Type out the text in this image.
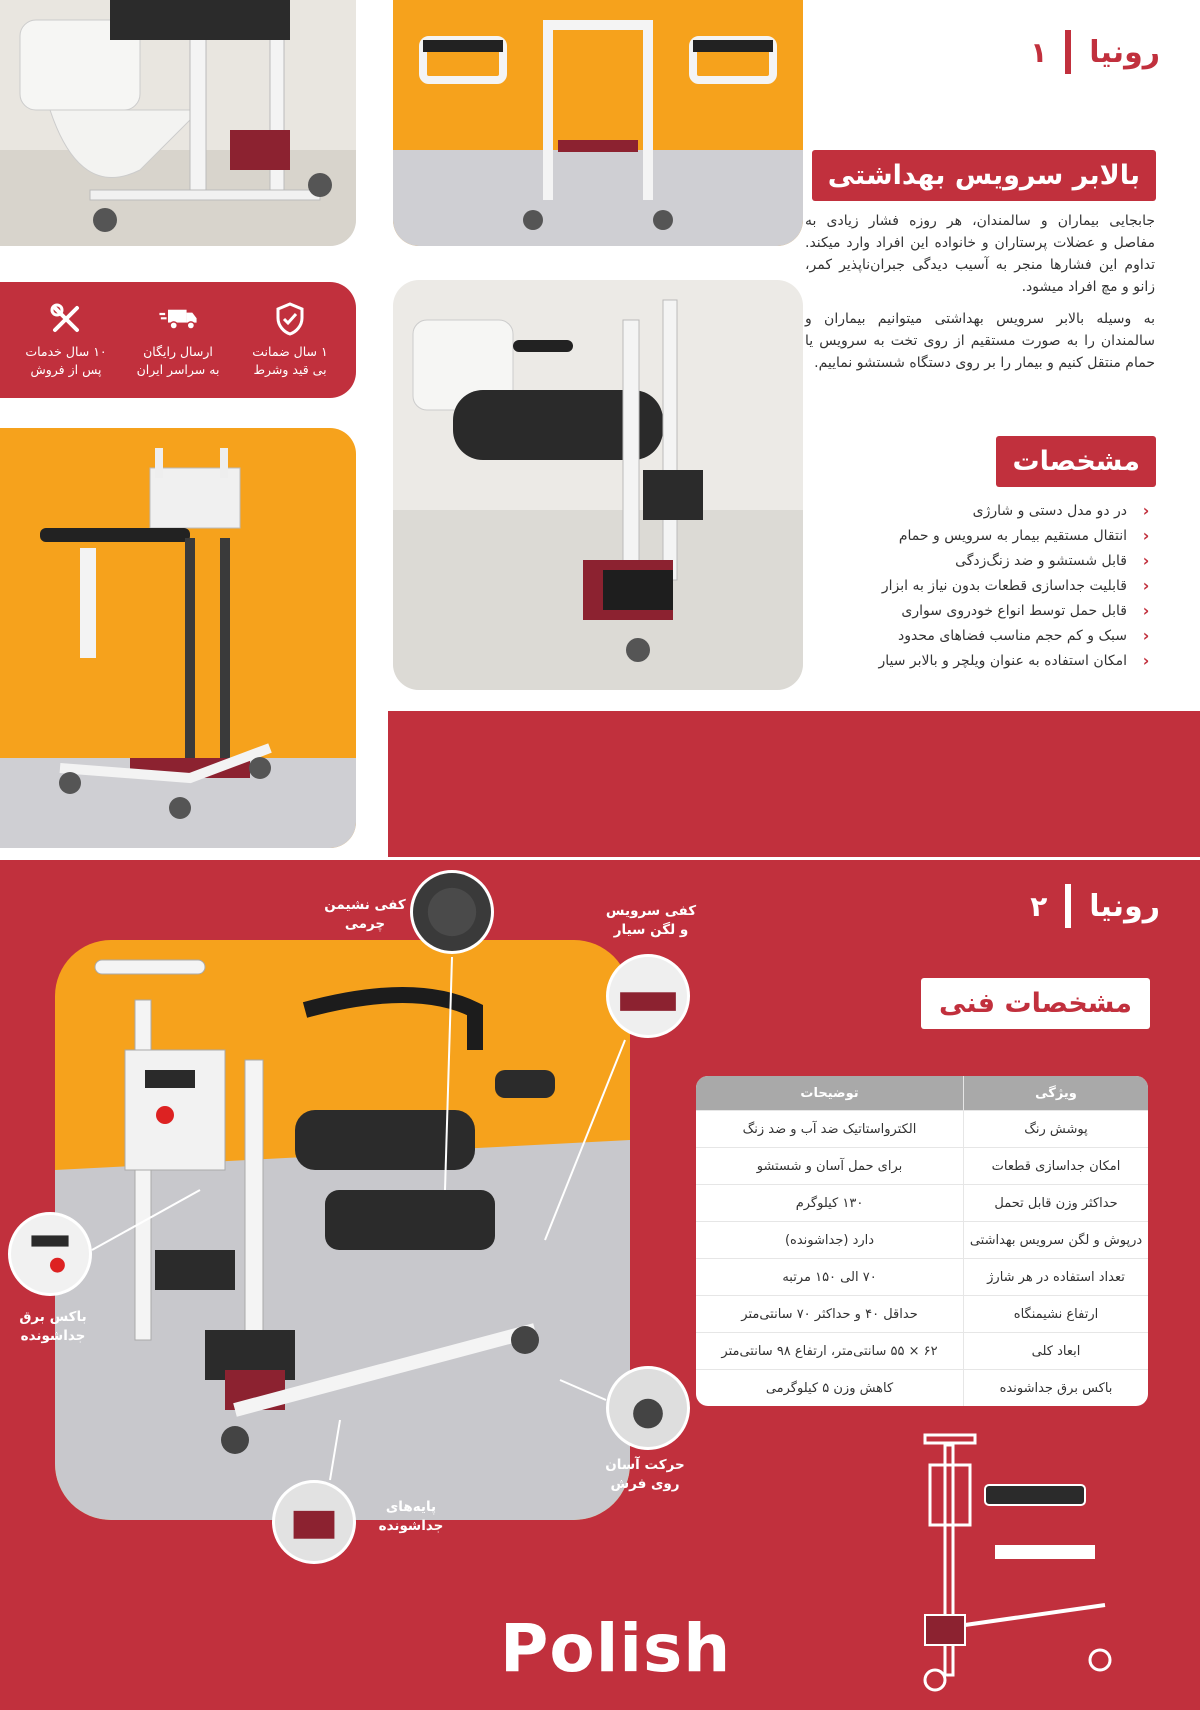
۱ رونیا
بالابر سرویس بهداشتی

جابجایی بیماران و سالمندان، هر روزه فشار زیادی به مفاصل و عضلات پرستاران و خانواده این افراد وارد میکند. تداوم این فشارها منجر به آسیب دیدگی جبران‌ناپذیر کمر، زانو و مچ افراد میشود.

به وسیله بالابر سرویس بهداشتی میتوانیم بیماران و سالمندان را به صورت مستقیم از روی تخت به سرویس یا حمام منتقل کنیم و بیمار را بر روی دستگاه شستشو نماییم.

مشخصات
‹
در دو مدل دستی و شارژی
‹
انتقال مستقیم بیمار به سرویس و حمام
‹
قابل شستشو و ضد زنگ‌زدگی
‹
قابلیت جداسازی قطعات بدون نیاز به ابزار
‹
قابل حمل توسط انواع خودروی سواری
‹
سبک و کم حجم مناسب فضاهای محدود
‹
امکان استفاده به عنوان ویلچر و بالابر سیار
۱۰ سال خدمات
پس از فروش
ارسال رایگان
به سراسر ایران
۱ سال ضمانت
بی قید وشرط
۲ رونیا
مشخصات فنی
کفی نشیمن
چرمی
کفی سرویس
و لگن سیار
باکس برق
جداشونده
حرکت آسان
روی فرش
پایه‌های
جداشونده
ویژگی
توضیحات
پوشش رنگ
الکترواستاتیک ضد آب و ضد زنگ
امکان جداسازی قطعات
برای حمل آسان و شستشو
حداکثر وزن قابل تحمل
۱۳۰ کیلوگرم
درپوش و لگن سرویس بهداشتی
دارد (جداشونده)
تعداد استفاده در هر شارژ
۷۰ الی ۱۵۰ مرتبه
ارتفاع نشیمنگاه
حداقل ۴۰ و حداکثر ۷۰ سانتی‌متر
ابعاد کلی
۶۲ × ۵۵ سانتی‌متر، ارتفاع ۹۸ سانتی‌متر
باکس برق جداشونده
کاهش وزن ۵ کیلوگرمی
Polish
